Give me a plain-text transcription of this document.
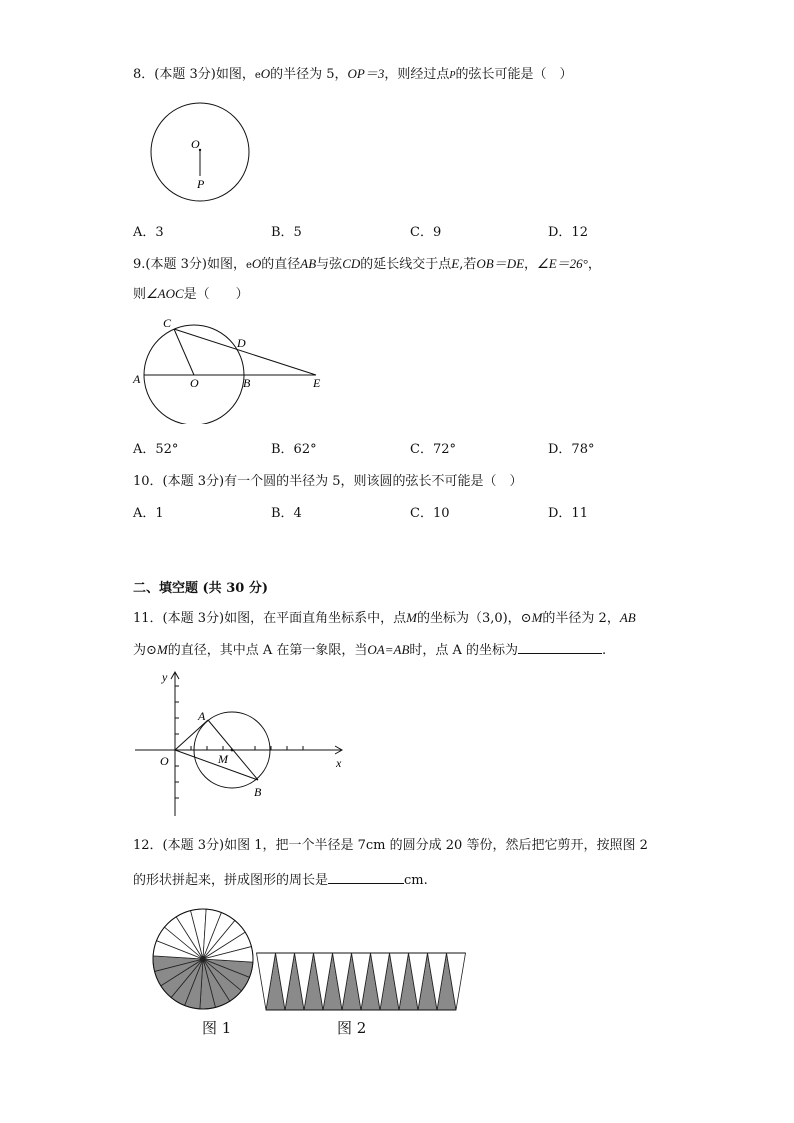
8．(本题 3分)如图，eO的半径为 5，OP＝3，则经过点P的弦长可能是（　）
O
P
A．3	B．5	C．9	D．12
9.(本题 3分)如图，eO的直径AB与弦CD的延长线交于点E,若OB＝DE，∠E＝26°，
则∠AOC是（　　）
C
D
A	O	B	E
A．52°	B．62°	C．72°	D．78°
10．(本题 3分)有一个圆的半径为 5，则该圆的弦长不可能是（　）
A．1	B．4	C．10	D．11
二、填空题 (共 30 分)
11．(本题 3分)如图，在平面直角坐标系中，点M的坐标为（3,0)，⊙M的半径为 2，AB
为⊙M的直径，其中点 A 在第一象限，当OA=AB时，点 A 的坐标为	.
y
x
O
A
M
B
12．(本题 3分)如图 1，把一个半径是 7cm 的圆分成 20 等份，然后把它剪开，按照图 2
的形状拼起来，拼成图形的周长是	cm.
图 1	图 2
